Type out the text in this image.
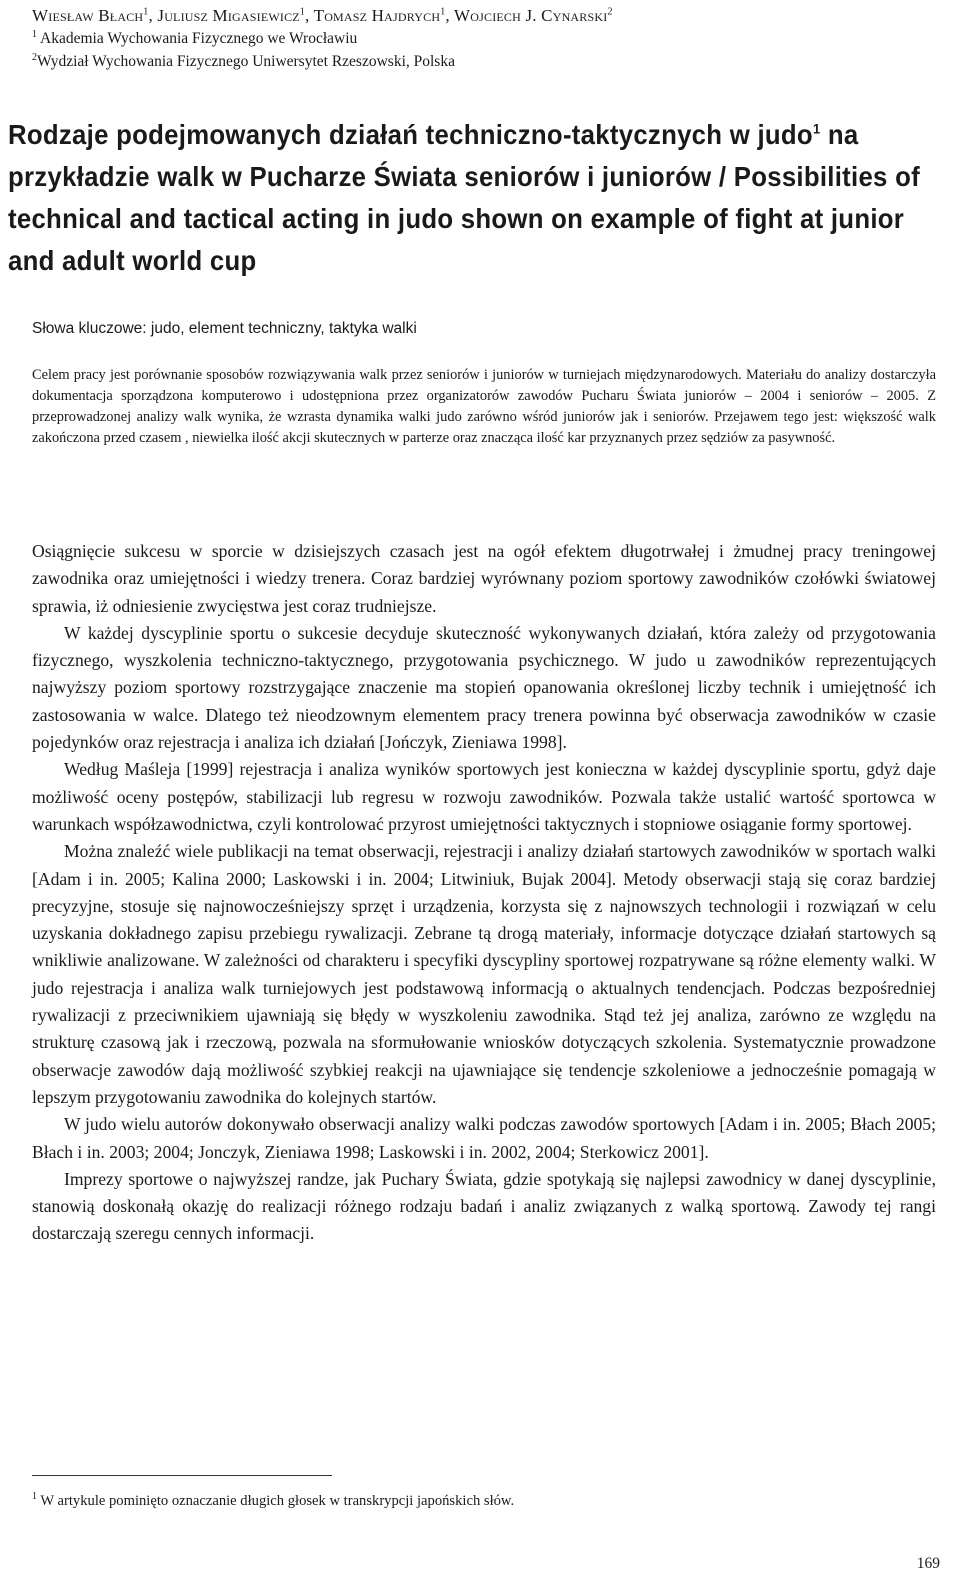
Wiesław Błach$^1$, Juliusz Migasiewicz$^1$, Tomasz Hajdrych$^1$, Wojciech J. Cynarski$^2$
$^1$ Akademia Wychowania Fizycznego we Wrocławiu
$^2$Wydział Wychowania Fizycznego Uniwersytet Rzeszowski, Polska
Rodzaje podejmowanych działań techniczno-taktycznych w judo$^1$ na przykładzie walk w Pucharze Świata seniorów i juniorów / Possibilities of technical and tactical acting in judo shown on example of fight at junior and adult world cup
Słowa kluczowe: judo, element techniczny, taktyka walki
Celem pracy jest porównanie sposobów rozwiązywania walk przez seniorów i juniorów w turniejach międzynarodowych. Materiału do analizy dostarczyła dokumentacja sporządzona komputerowo i udostępniona przez organizatorów zawodów Pucharu Świata juniorów – 2004 i seniorów – 2005. Z przeprowadzonej analizy walk wynika, że wzrasta dynamika walki judo zarówno wśród juniorów jak i seniorów. Przejawem tego jest: większość walk zakończona przed czasem , niewielka ilość akcji skutecznych w parterze oraz znacząca ilość kar przyznanych przez sędziów za pasywność.

Osiągnięcie sukcesu w sporcie w dzisiejszych czasach jest na ogół efektem długotrwałej i żmudnej pracy treningowej zawodnika oraz umiejętności i wiedzy trenera. Coraz bardziej wyrównany poziom sportowy zawodników czołówki światowej sprawia, iż odniesienie zwycięstwa jest coraz trudniejsze.

W każdej dyscyplinie sportu o sukcesie decyduje skuteczność wykonywanych działań, która zależy od przygotowania fizycznego, wyszkolenia techniczno-taktycznego, przygotowania psychicznego. W judo u zawodników reprezentujących najwyższy poziom sportowy rozstrzygające znaczenie ma stopień opanowania określonej liczby technik i umiejętność ich zastosowania w walce. Dlatego też nieodzownym elementem pracy trenera powinna być obserwacja zawodników w czasie pojedynków oraz rejestracja i analiza ich działań [Jończyk, Zieniawa 1998].

Według Maśleja [1999] rejestracja i analiza wyników sportowych jest konieczna w każdej dyscyplinie sportu, gdyż daje możliwość oceny postępów, stabilizacji lub regresu w rozwoju zawodników. Pozwala także ustalić wartość sportowca w warunkach współzawodnictwa, czyli kontrolować przyrost umiejętności taktycznych i stopniowe osiąganie formy sportowej.

Można znaleźć wiele publikacji na temat obserwacji, rejestracji i analizy działań startowych zawodników w sportach walki [Adam i in. 2005; Kalina 2000; Laskowski i in. 2004; Litwiniuk, Bujak 2004]. Metody obserwacji stają się coraz bardziej precyzyjne, stosuje się najnowocześniejszy sprzęt i urządzenia, korzysta się z najnowszych technologii i rozwiązań w celu uzyskania dokładnego zapisu przebiegu rywalizacji. Zebrane tą drogą materiały, informacje dotyczące działań startowych są wnikliwie analizowane. W zależności od charakteru i specyfiki dyscypliny sportowej rozpatrywane są różne elementy walki. W judo rejestracja i analiza walk turniejowych jest podstawową informacją o aktualnych tendencjach. Podczas bezpośredniej rywalizacji z przeciwnikiem ujawniają się błędy w wyszkoleniu zawodnika. Stąd też jej analiza, zarówno ze względu na strukturę czasową jak i rzeczową, pozwala na sformułowanie wniosków dotyczących szkolenia. Systematycznie prowadzone obserwacje zawodów dają możliwość szybkiej reakcji na ujawniające się tendencje szkoleniowe a jednocześnie pomagają w lepszym przygotowaniu zawodnika do kolejnych startów.

W judo wielu autorów dokonywało obserwacji analizy walki podczas zawodów sportowych [Adam i in. 2005; Błach 2005; Błach i in. 2003; 2004; Jonczyk, Zieniawa 1998; Laskowski i in. 2002, 2004; Sterkowicz 2001].

Imprezy sportowe o najwyższej randze, jak Puchary Świata, gdzie spotykają się najlepsi zawodnicy w danej dyscyplinie, stanowią doskonałą okazję do realizacji różnego rodzaju badań i analiz związanych z walką sportową. Zawody tej rangi dostarczają szeregu cennych informacji.

$^1$ W artykule pominięto oznaczanie długich głosek w transkrypcji japońskich słów.
169
